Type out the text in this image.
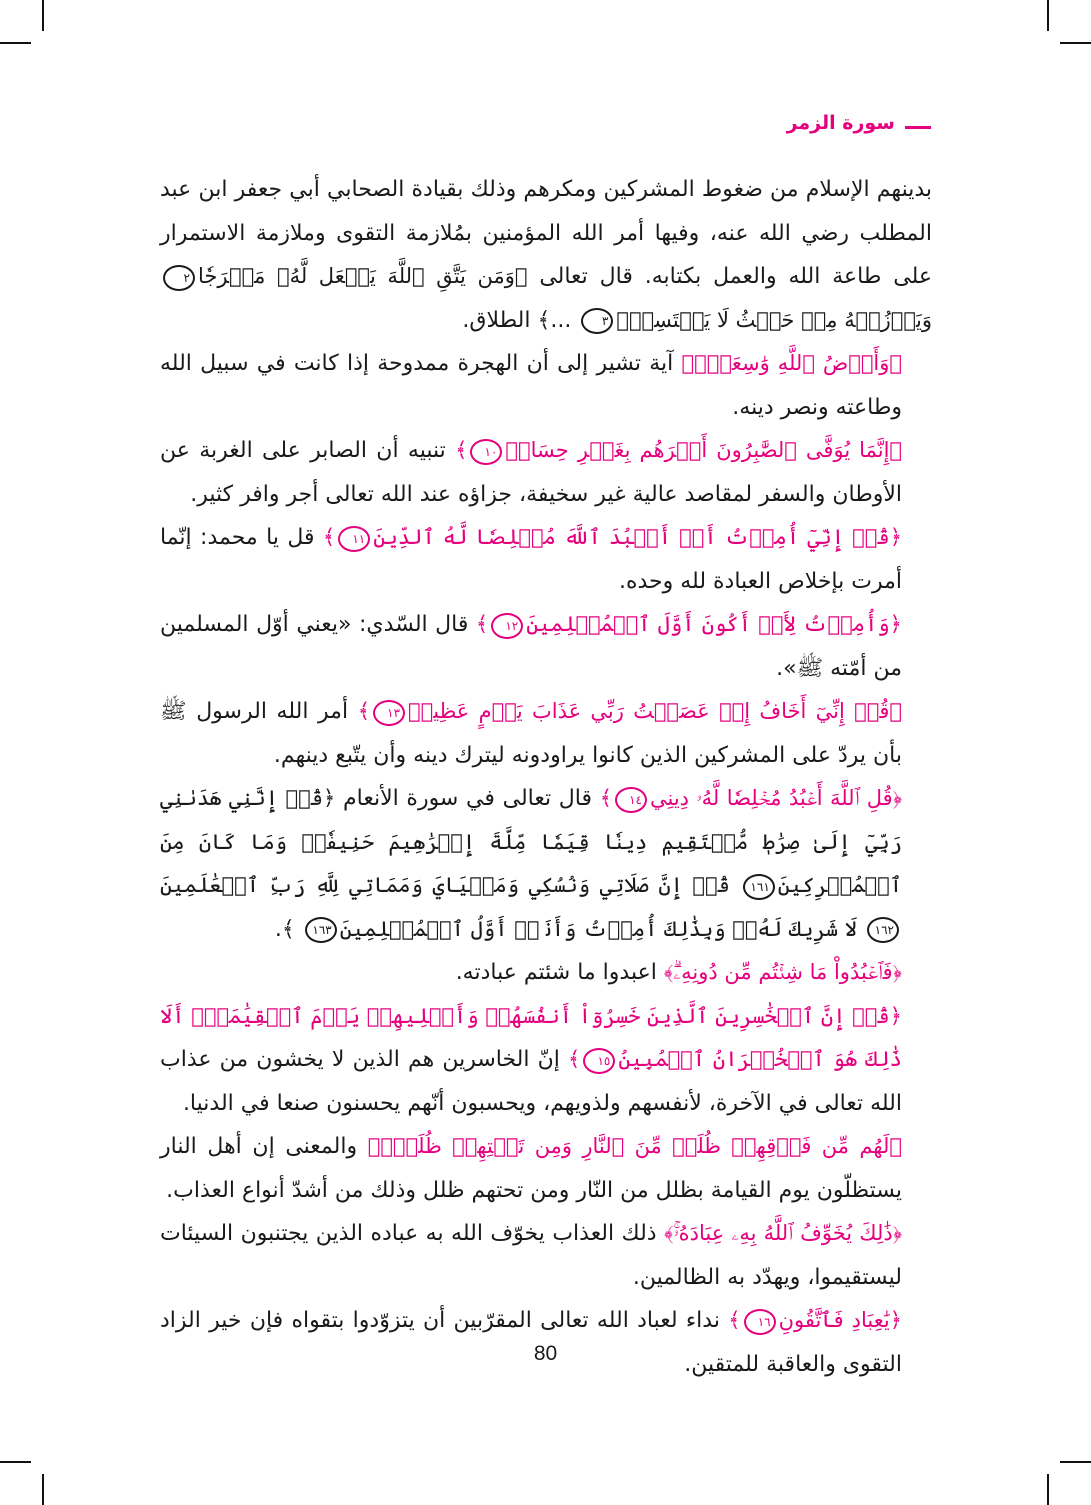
سورة الزمر

بدينهم الإسلام من ضغوط المشركين ومكرهم وذلك بقيادة الصحابي أبي جعفر ابن عبد المطلب رضي الله عنه، وفيها أمر الله المؤمنين بمُلازمة التقوى وملازمة الاستمرار على طاعة الله والعمل بكتابه. قال تعالى ﴿وَمَن يَتَّقِ ٱللَّهَ يَجۡعَل لَّهُۥ مَخۡرَجٗا٢ وَيَرۡزُقۡهُ مِنۡ حَيۡثُ لَا يَحۡتَسِبُۚ٣ ...﴾ الطلاق.

﴿وَأَرۡضُ ٱللَّهِ وَٰسِعَةٌۗ﴾ آية تشير إلى أن الهجرة ممدوحة إذا كانت في سبيل الله وطاعته ونصر دينه.

﴿إِنَّمَا يُوَفَّى ٱلصَّٰبِرُونَ أَجۡرَهُم بِغَيۡرِ حِسَابٖ١٠﴾ تنبيه أن الصابر على الغربة عن الأوطان والسفر لمقاصد عالية غير سخيفة، جزاؤه عند الله تعالى أجر وافر كثير.

﴿قُلۡ إِنِّيٓ أُمِرۡتُ أَنۡ أَعۡبُدَ ٱللَّهَ مُخۡلِصٗا لَّهُ ٱلدِّينَ١١﴾ قل يا محمد: إنّما أمرت بإخلاص العبادة لله وحده.

﴿وَأُمِرۡتُ لِأَنۡ أَكُونَ أَوَّلَ ٱلۡمُسۡلِمِينَ١٢﴾ قال السّدي: «يعني أوّل المسلمين من أمّته ﷺ».

﴿قُلۡ إِنِّيٓ أَخَافُ إِنۡ عَصَيۡتُ رَبِّي عَذَابَ يَوۡمٍ عَظِيمٖ١٣﴾ أمر الله الرسول ﷺ بأن يردّ على المشركين الذين كانوا يراودونه ليترك دينه وأن يتّبع دينهم.

﴿قُلِ ٱللَّهَ أَعۡبُدُ مُخۡلِصٗا لَّهُۥ دِينِي١٤﴾ قال تعالى في سورة الأنعام ﴿قُلۡ إِنَّنِي هَدَىٰنِي رَبِّيٓ إِلَىٰ صِرَٰطٖ مُّسۡتَقِيمٖ دِينٗا قِيَمٗا مِّلَّةَ إِبۡرَٰهِيمَ حَنِيفٗاۚ وَمَا كَانَ مِنَ ٱلۡمُشۡرِكِينَ١٦١ قُلۡ إِنَّ صَلَاتِي وَنُسُكِي وَمَحۡيَايَ وَمَمَاتِي لِلَّهِ رَبِّ ٱلۡعَٰلَمِينَ١٦٢ لَا شَرِيكَ لَهُۥۖ وَبِذَٰلِكَ أُمِرۡتُ وَأَنَا۠ أَوَّلُ ٱلۡمُسۡلِمِينَ١٦٣ ﴾.

﴿فَٱعۡبُدُواْ مَا شِئۡتُم مِّن دُونِهِۦۗ﴾ اعبدوا ما شئتم عبادته.

﴿قُلۡ إِنَّ ٱلۡخَٰسِرِينَ ٱلَّذِينَ خَسِرُوٓاْ أَنفُسَهُمۡ وَأَهۡلِيهِمۡ يَوۡمَ ٱلۡقِيَٰمَةِۗ أَلَا ذَٰلِكَ هُوَ ٱلۡخُسۡرَانُ ٱلۡمُبِينُ١٥﴾ إنّ الخاسرين هم الذين لا يخشون من عذاب الله تعالى في الآخرة، لأنفسهم ولذويهم، ويحسبون أنّهم يحسنون صنعا في الدنيا.

﴿لَهُم مِّن فَوۡقِهِمۡ ظُلَلٞ مِّنَ ٱلنَّارِ وَمِن تَحۡتِهِمۡ ظُلَلٞۚ﴾ والمعنى إن أهل النار يستظلّون يوم القيامة بظلل من النّار ومن تحتهم ظلل وذلك من أشدّ أنواع العذاب.

﴿ذَٰلِكَ يُخَوِّفُ ٱللَّهُ بِهِۦ عِبَادَهُۥۚ﴾ ذلك العذاب يخوّف الله به عباده الذين يجتنبون السيئات ليستقيموا، ويهدّد به الظالمين.

﴿يَٰعِبَادِ فَٱتَّقُونِ١٦﴾ نداء لعباد الله تعالى المقرّبين أن يتزوّدوا بتقواه فإن خير الزاد التقوى والعاقبة للمتقين.

80
